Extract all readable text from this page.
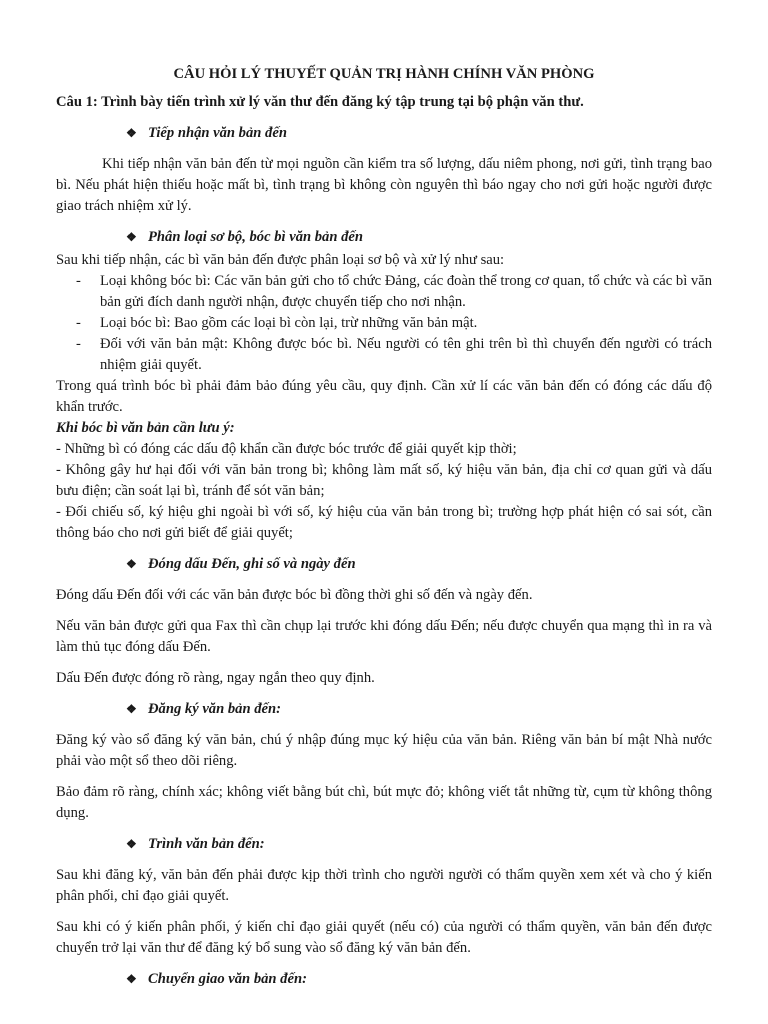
CÂU HỎI LÝ THUYẾT QUẢN TRỊ HÀNH CHÍNH VĂN PHÒNG
Câu 1: Trình bày tiến trình xử lý văn thư đến đăng ký tập trung tại bộ phận văn thư.
❖ Tiếp nhận văn bản đến

Khi tiếp nhận văn bản đến từ mọi nguồn cần kiểm tra số lượng, dấu niêm phong, nơi gửi, tình trạng bao bì. Nếu phát hiện thiếu hoặc mất bì, tình trạng bì không còn nguyên thì báo ngay cho nơi gửi hoặc người được giao trách nhiệm xử lý.

❖ Phân loại sơ bộ, bóc bì văn bản đến

Sau khi tiếp nhận, các bì văn bản đến được phân loại sơ bộ và xử lý như sau:

- Loại không bóc bì: Các văn bản gửi cho tổ chức Đảng, các đoàn thể trong cơ quan, tổ chức và các bì văn bản gửi đích danh người nhận, được chuyển tiếp cho nơi nhận.
- Loại bóc bì: Bao gồm các loại bì còn lại, trừ những văn bản mật.
- Đối với văn bản mật: Không được bóc bì. Nếu người có tên ghi trên bì thì chuyển đến người có trách nhiệm giải quyết.

Trong quá trình bóc bì phải đảm bảo đúng yêu cầu, quy định. Cần xử lí các văn bản đến có đóng các dấu độ khẩn trước.

Khi bóc bì văn bản cần lưu ý:
- Những bì có đóng các dấu độ khẩn cần được bóc trước để giải quyết kịp thời;
- Không gây hư hại đối với văn bản trong bì; không làm mất số, ký hiệu văn bản, địa chỉ cơ quan gửi và dấu bưu điện; cần soát lại bì, tránh để sót văn bản;
- Đối chiếu số, ký hiệu ghi ngoài bì với số, ký hiệu của văn bản trong bì; trường hợp phát hiện có sai sót, cần thông báo cho nơi gửi biết để giải quyết;
❖ Đóng dấu Đến, ghi số và ngày đến

Đóng dấu Đến đối với các văn bản được bóc bì đồng thời ghi số đến và ngày đến.

Nếu văn bản được gửi qua Fax thì cần chụp lại trước khi đóng dấu Đến; nếu được chuyển qua mạng thì in ra và làm thủ tục đóng dấu Đến.

Dấu Đến được đóng rõ ràng, ngay ngắn theo quy định.

❖ Đăng ký văn bản đến:

Đăng ký vào sổ đăng ký văn bản, chú ý nhập đúng mục ký hiệu của văn bản. Riêng văn bản bí mật Nhà nước phải vào một sổ theo dõi riêng.

Bảo đảm rõ ràng, chính xác; không viết bằng bút chì, bút mực đỏ; không viết tắt những từ, cụm từ không thông dụng.

❖ Trình văn bản đến:

Sau khi đăng ký, văn bản đến phải được kịp thời trình cho người người có thẩm quyền xem xét và cho ý kiến phân phối, chỉ đạo giải quyết.

Sau khi có ý kiến phân phối, ý kiến chỉ đạo giải quyết (nếu có) của người có thẩm quyền, văn bản đến được chuyển trở lại văn thư để đăng ký bổ sung vào sổ đăng ký văn bản đến.

❖ Chuyển giao văn bản đến:
